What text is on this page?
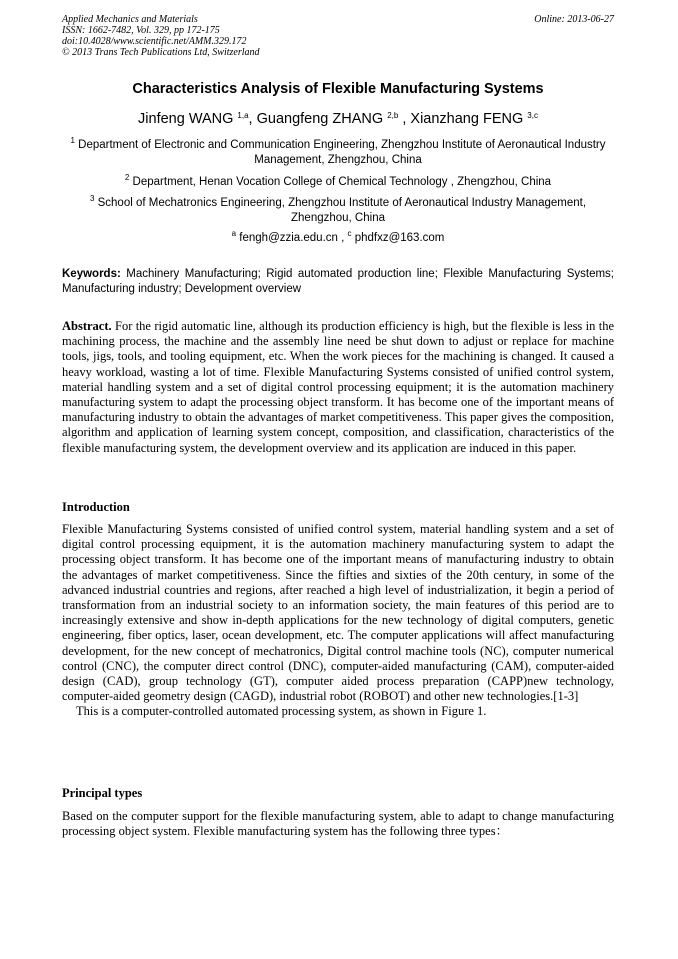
Applied Mechanics and Materials
ISSN: 1662-7482, Vol. 329, pp 172-175
doi:10.4028/www.scientific.net/AMM.329.172
© 2013 Trans Tech Publications Ltd, Switzerland
Online: 2013-06-27
Characteristics Analysis of Flexible Manufacturing Systems
Jinfeng WANG $^{1,a}$, Guangfeng ZHANG $^{2,b}$ , Xianzhang FENG $^{3,c}$
$^1$ Department of Electronic and Communication Engineering, Zhengzhou Institute of Aeronautical Industry Management, Zhengzhou, China
$^2$ Department, Henan Vocation College of Chemical Technology , Zhengzhou, China
$^3$ School of Mechatronics Engineering, Zhengzhou Institute of Aeronautical Industry Management, Zhengzhou, China
$^a$ fengh@zzia.edu.cn , $^c$ phdfxz@163.com
Keywords: Machinery Manufacturing; Rigid automated production line; Flexible Manufacturing Systems; Manufacturing industry; Development overview

Abstract. For the rigid automatic line, although its production efficiency is high, but the flexible is less in the machining process, the machine and the assembly line need be shut down to adjust or replace for machine tools, jigs, tools, and tooling equipment, etc. When the work pieces for the machining is changed. It caused a heavy workload, wasting a lot of time. Flexible Manufacturing Systems consisted of unified control system, material handling system and a set of digital control processing equipment; it is the automation machinery manufacturing system to adapt the processing object transform. It has become one of the important means of manufacturing industry to obtain the advantages of market competitiveness. This paper gives the composition, algorithm and application of learning system concept, composition, and classification, characteristics of the flexible manufacturing system, the development overview and its application are induced in this paper.

Introduction

Flexible Manufacturing Systems consisted of unified control system, material handling system and a set of digital control processing equipment, it is the automation machinery manufacturing system to adapt the processing object transform. It has become one of the important means of manufacturing industry to obtain the advantages of market competitiveness. Since the fifties and sixties of the 20th century, in some of the advanced industrial countries and regions, after reached a high level of industrialization, it begin a period of transformation from an industrial society to an information society, the main features of this period are to increasingly extensive and show in-depth applications for the new technology of digital computers, genetic engineering, fiber optics, laser, ocean development, etc. The computer applications will affect manufacturing development, for the new concept of mechatronics, Digital control machine tools (NC), computer numerical control (CNC), the computer direct control (DNC), computer-aided manufacturing (CAM), computer-aided design (CAD), group technology (GT), computer aided process preparation (CAPP)new technology, computer-aided geometry design (CAGD), industrial robot (ROBOT) and other new technologies.[1-3]

This is a computer-controlled automated processing system, as shown in Figure 1.

Principal types

Based on the computer support for the flexible manufacturing system, able to adapt to change manufacturing processing object system. Flexible manufacturing system has the following three types：
